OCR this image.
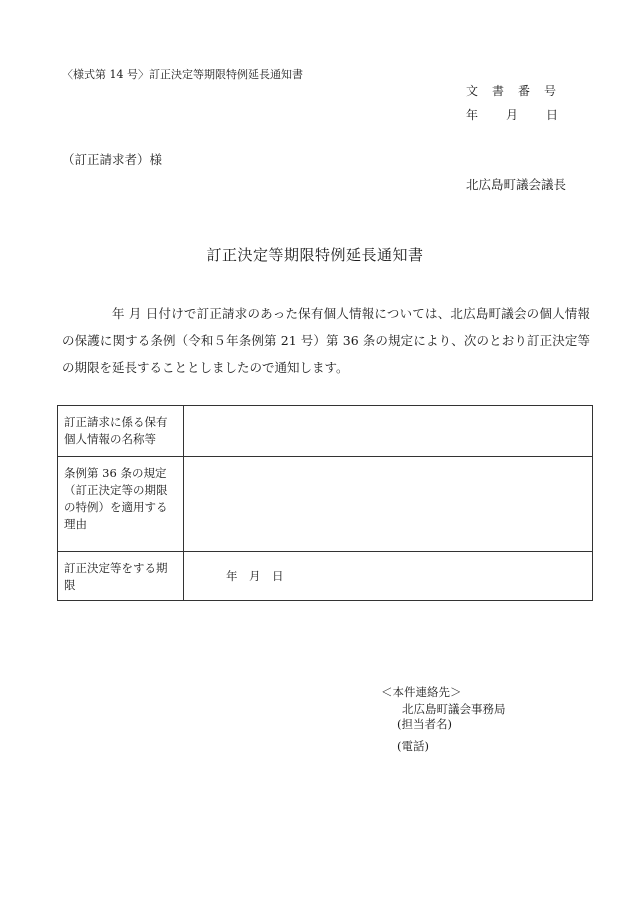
〈様式第 14 号〉訂正決定等期限特例延長通知書
文書番号
年 月 日
（訂正請求者）様
北広島町議会議長
訂正決定等期限特例延長通知書
年 月 日付けで訂正請求のあった保有個人情報については、北広島町議会の個人情報の保護に関する条例（令和５年条例第 21 号）第 36 条の規定により、次のとおり訂正決定等の期限を延長することとしましたので通知します。
訂正請求に係る保有個人情報の名称等	
条例第 36 条の規定（訂正決定等の期限の特例）を適用する理由	
訂正決定等をする期限	年　月　日
＜本件連絡先＞
北広島町議会事務局
(担当者名)
(電話)
